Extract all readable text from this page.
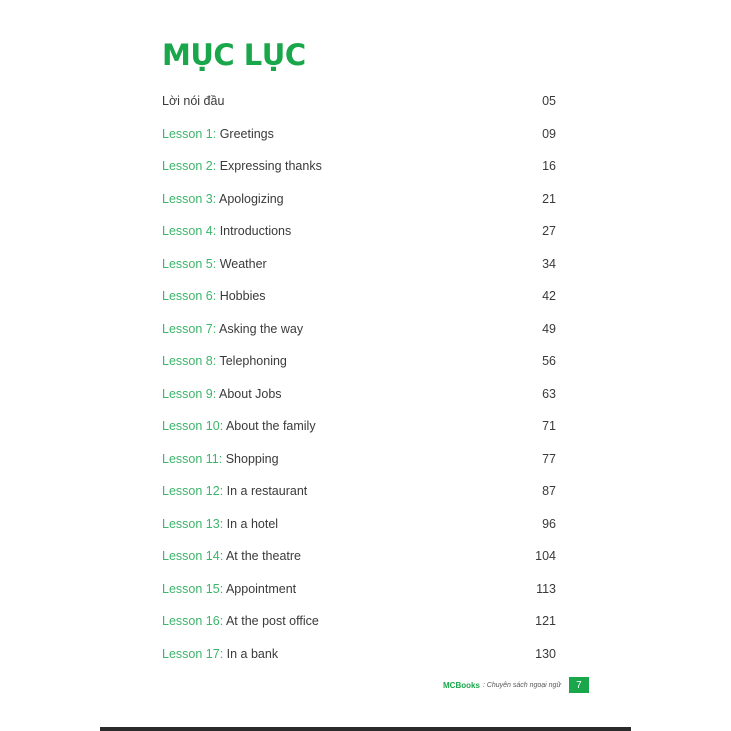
MỤC LỤC
Lời nói đầu	05
Lesson 1: Greetings	09
Lesson 2: Expressing thanks	16
Lesson 3: Apologizing	21
Lesson 4: Introductions	27
Lesson 5: Weather	34
Lesson 6: Hobbies	42
Lesson 7: Asking the way	49
Lesson 8: Telephoning	56
Lesson 9: About Jobs	63
Lesson 10: About the family	71
Lesson 11: Shopping	77
Lesson 12: In a restaurant	87
Lesson 13: In a hotel	96
Lesson 14: At the theatre	104
Lesson 15: Appointment	113
Lesson 16: At the post office	121
Lesson 17: In a bank	130
MCBooks : Chuyên sách ngoại ngữ	7
